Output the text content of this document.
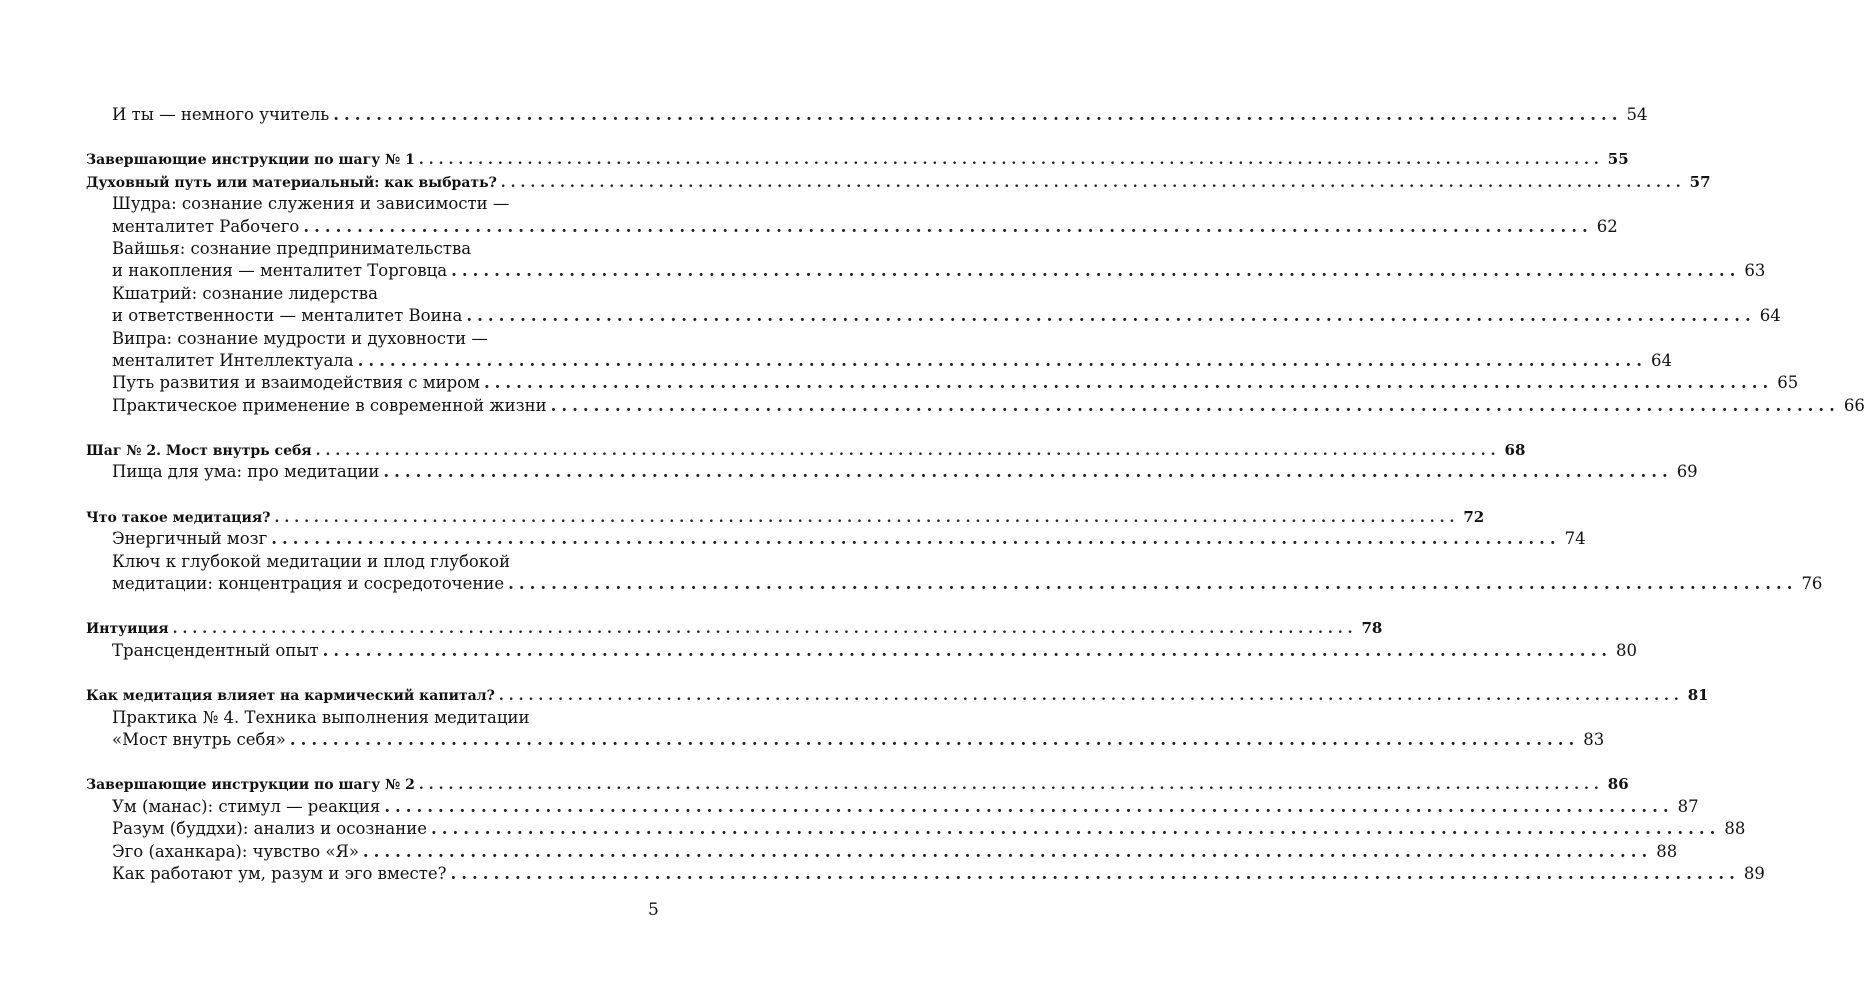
И ты — немного учитель ........................................................................................................................ 54
Завершающие инструкции по шагу № 1 ........................................................................................................................ 55
Духовный путь или материальный: как выбрать? ........................................................................................................................ 57
Шудра: сознание служения и зависимости —
менталитет Рабочего ........................................................................................................................ 62
Вайшья: сознание предпринимательства
и накопления — менталитет Торговца ........................................................................................................................ 63
Кшатрий: сознание лидерства
и ответственности — менталитет Воина ........................................................................................................................ 64
Випра: сознание мудрости и духовности —
менталитет Интеллектуала ........................................................................................................................ 64
Путь развития и взаимодействия с миром ........................................................................................................................ 65
Практическое применение в современной жизни ........................................................................................................................ 66
Шаг № 2. Мост внутрь себя ........................................................................................................................ 68
Пища для ума: про медитации ........................................................................................................................ 69
Что такое медитация? ........................................................................................................................ 72
Энергичный мозг ........................................................................................................................ 74
Ключ к глубокой медитации и плод глубокой
медитации: концентрация и сосредоточение ........................................................................................................................ 76
Интуиция ........................................................................................................................ 78
Трансцендентный опыт ........................................................................................................................ 80
Как медитация влияет на кармический капитал? ........................................................................................................................ 81
Практика № 4. Техника выполнения медитации
«Мост внутрь себя» ........................................................................................................................ 83
Завершающие инструкции по шагу № 2 ........................................................................................................................ 86
Ум (манас): стимул — реакция ........................................................................................................................ 87
Разум (буддхи): анализ и осознание ........................................................................................................................ 88
Эго (аханкара): чувство «Я» ........................................................................................................................ 88
Как работают ум, разум и эго вместе? ........................................................................................................................ 89
5
